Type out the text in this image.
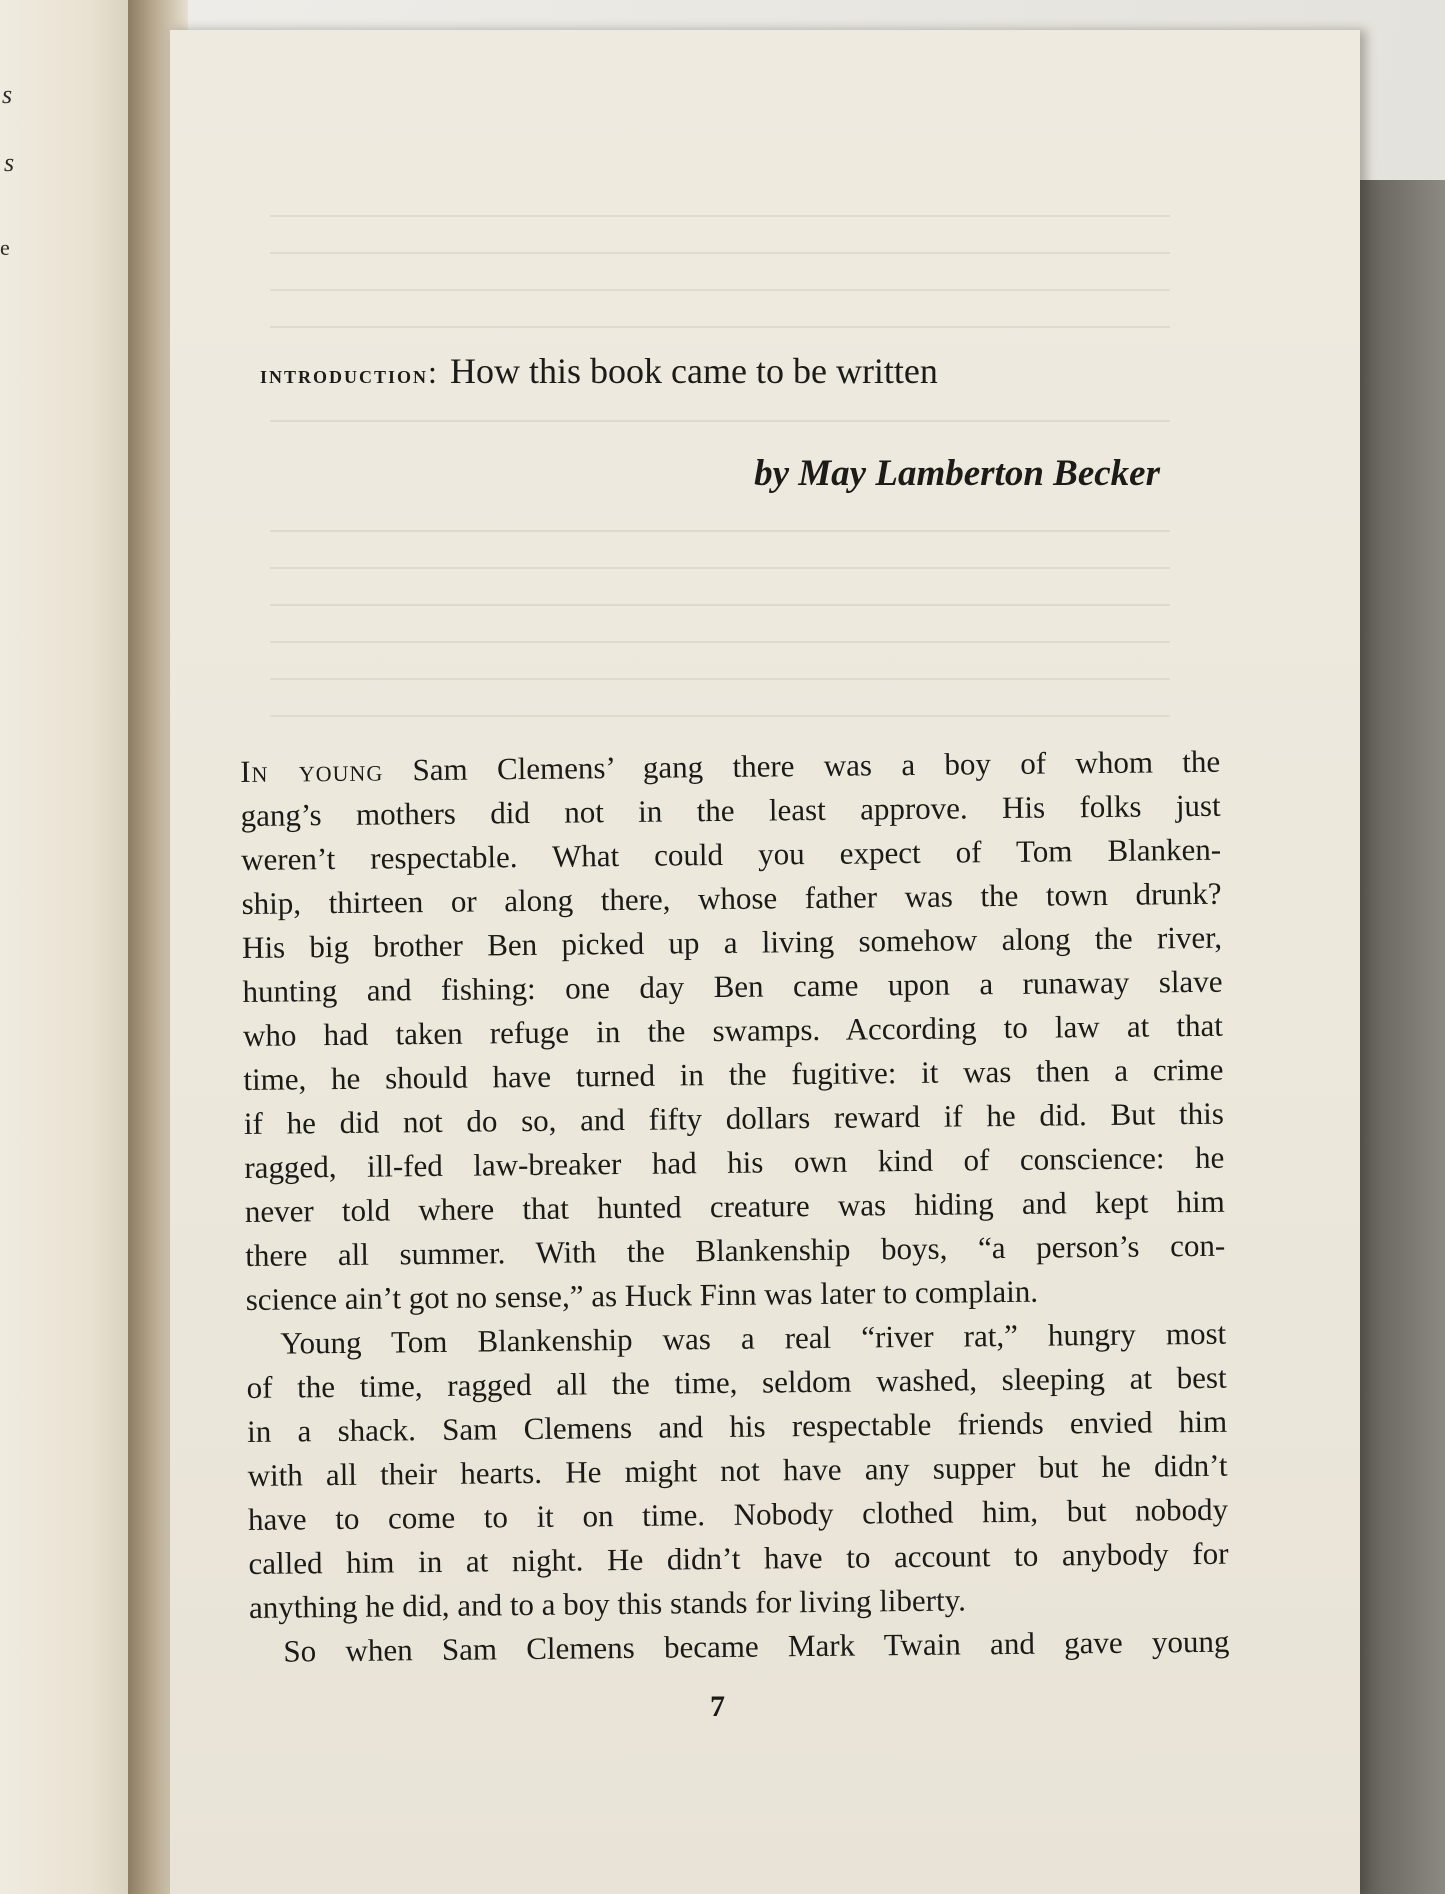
s
s
e
introduction: How this book came to be written
by May Lamberton Becker
In young Sam Clemens’ gang there was a boy of whom the
gang’s mothers did not in the least approve. His folks just
weren’t respectable. What could you expect of Tom Blanken-
ship, thirteen or along there, whose father was the town drunk?
His big brother Ben picked up a living somehow along the river,
hunting and fishing: one day Ben came upon a runaway slave
who had taken refuge in the swamps. According to law at that
time, he should have turned in the fugitive: it was then a crime
if he did not do so, and fifty dollars reward if he did. But this
ragged, ill-fed law-breaker had his own kind of conscience: he
never told where that hunted creature was hiding and kept him
there all summer. With the Blankenship boys, “a person’s con-
science ain’t got no sense,” as Huck Finn was later to complain.
Young Tom Blankenship was a real “river rat,” hungry most
of the time, ragged all the time, seldom washed, sleeping at best
in a shack. Sam Clemens and his respectable friends envied him
with all their hearts. He might not have any supper but he didn’t
have to come to it on time. Nobody clothed him, but nobody
called him in at night. He didn’t have to account to anybody for
anything he did, and to a boy this stands for living liberty.
So when Sam Clemens became Mark Twain and gave young
7
